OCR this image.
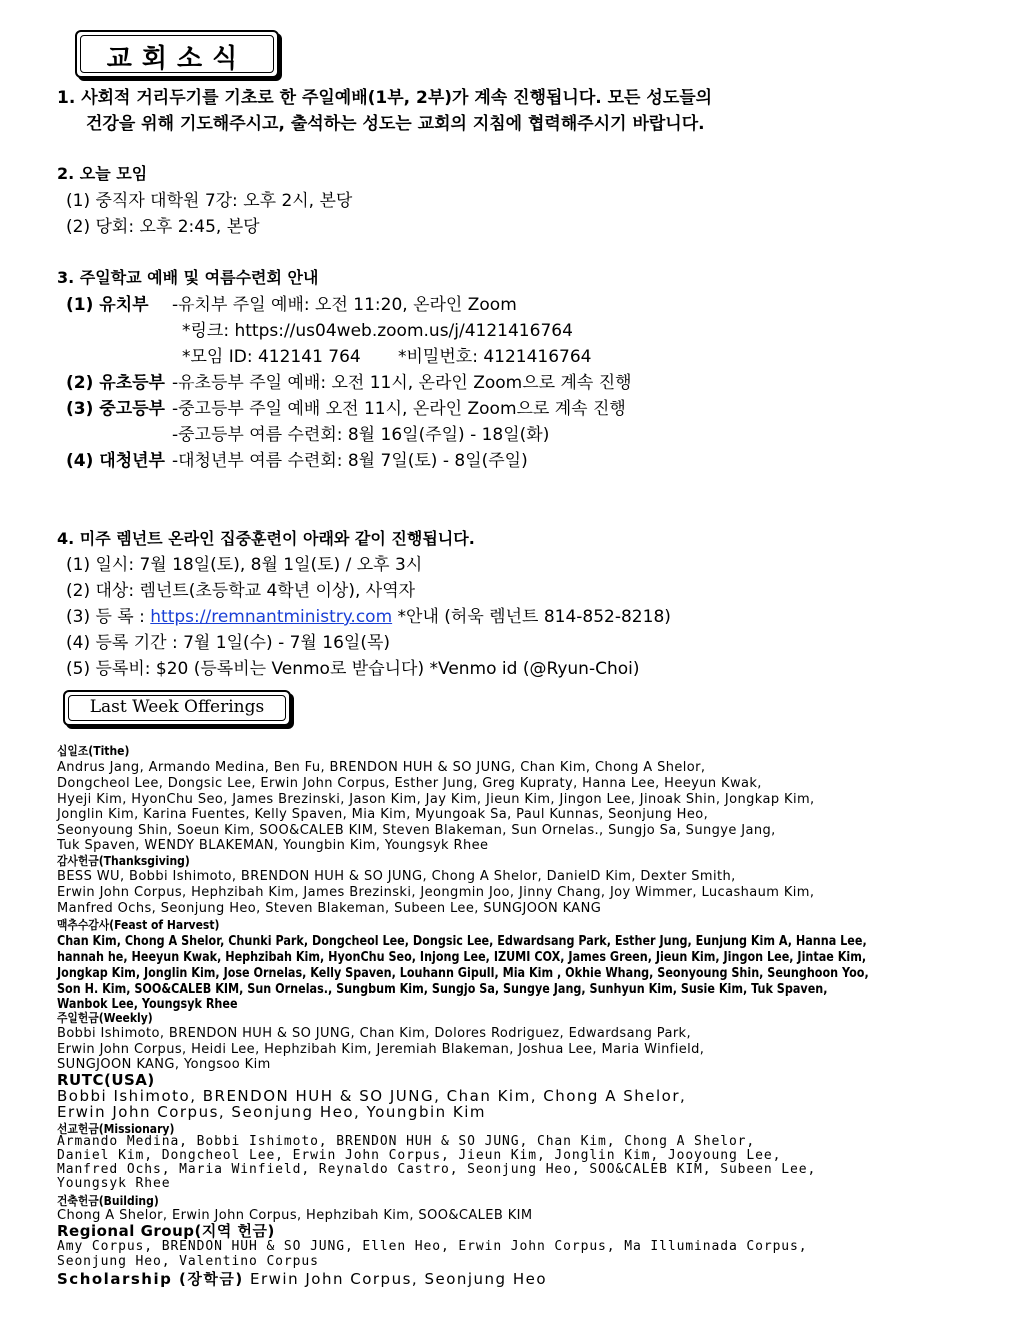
교회소식
1. 사회적 거리두기를 기초로 한 주일예배(1부, 2부)가 계속 진행됩니다. 모든 성도들의
건강을 위해 기도해주시고, 출석하는 성도는 교회의 지침에 협력해주시기 바랍니다.
2. 오늘 모임
(1) 중직자 대학원 7강: 오후 2시, 본당
(2) 당회: 오후 2:45, 본당
3. 주일학교 예배 및 여름수련회 안내
(1) 유치부 -유치부 주일 예배: 오전 11:20, 온라인 Zoom
*링크: https://us04web.zoom.us/j/4121416764
*모임 ID: 412141 764 *비밀번호: 4121416764
(2) 유초등부 -유초등부 주일 예배: 오전 11시, 온라인 Zoom으로 계속 진행
(3) 중고등부 -중고등부 주일 예배 오전 11시, 온라인 Zoom으로 계속 진행
-중고등부 여름 수련회: 8월 16일(주일) - 18일(화)
(4) 대청년부 -대청년부 여름 수련회: 8월 7일(토) - 8일(주일)
4. 미주 렘넌트 온라인 집중훈련이 아래와 같이 진행됩니다.
(1) 일시: 7월 18일(토), 8월 1일(토) / 오후 3시
(2) 대상: 렘넌트(초등학교 4학년 이상), 사역자
(3) 등 록 : https://remnantministry.com *안내 (허욱 렘넌트 814-852-8218)
(4) 등록 기간 : 7월 1일(수) - 7월 16일(목)
(5) 등록비: $20 (등록비는 Venmo로 받습니다) *Venmo id (@Ryun-Choi)
Last Week Offerings
십일조(Tithe)
Andrus Jang, Armando Medina, Ben Fu, BRENDON HUH & SO JUNG, Chan Kim, Chong A Shelor,
Dongcheol Lee, Dongsic Lee, Erwin John Corpus, Esther Jung, Greg Kupraty, Hanna Lee, Heeyun Kwak,
Hyeji Kim, HyonChu Seo, James Brezinski, Jason Kim, Jay Kim, Jieun Kim, Jingon Lee, Jinoak Shin, Jongkap Kim,
Jonglin Kim, Karina Fuentes, Kelly Spaven, Mia Kim, Myungoak Sa, Paul Kunnas, Seonjung Heo,
Seonyoung Shin, Soeun Kim, SOO&CALEB KIM, Steven Blakeman, Sun Ornelas., Sungjo Sa, Sungye Jang,
Tuk Spaven, WENDY BLAKEMAN, Youngbin Kim, Youngsyk Rhee
감사헌금(Thanksgiving)
BESS WU, Bobbi Ishimoto, BRENDON HUH & SO JUNG, Chong A Shelor, DanielD Kim, Dexter Smith,
Erwin John Corpus, Hephzibah Kim, James Brezinski, Jeongmin Joo, Jinny Chang, Joy Wimmer, Lucashaum Kim,
Manfred Ochs, Seonjung Heo, Steven Blakeman, Subeen Lee, SUNGJOON KANG
맥추수감사(Feast of Harvest)
Chan Kim, Chong A Shelor, Chunki Park, Dongcheol Lee, Dongsic Lee, Edwardsang Park, Esther Jung, Eunjung Kim A, Hanna Lee,
hannah he, Heeyun Kwak, Hephzibah Kim, HyonChu Seo, Injong Lee, IZUMI COX, James Green, Jieun Kim, Jingon Lee, Jintae Kim,
Jongkap Kim, Jonglin Kim, Jose Ornelas, Kelly Spaven, Louhann Gipull, Mia Kim , Okhie Whang, Seonyoung Shin, Seunghoon Yoo,
Son H. Kim, SOO&CALEB KIM, Sun Ornelas., Sungbum Kim, Sungjo Sa, Sungye Jang, Sunhyun Kim, Susie Kim, Tuk Spaven,
Wanbok Lee, Youngsyk Rhee
주일헌금(Weekly)
Bobbi Ishimoto, BRENDON HUH & SO JUNG, Chan Kim, Dolores Rodriguez, Edwardsang Park,
Erwin John Corpus, Heidi Lee, Hephzibah Kim, Jeremiah Blakeman, Joshua Lee, Maria Winfield,
SUNGJOON KANG, Yongsoo Kim
RUTC(USA)
Bobbi Ishimoto, BRENDON HUH & SO JUNG, Chan Kim, Chong A Shelor,
Erwin John Corpus, Seonjung Heo, Youngbin Kim
선교헌금(Missionary)
Armando Medina, Bobbi Ishimoto, BRENDON HUH & SO JUNG, Chan Kim, Chong A Shelor,
Daniel Kim, Dongcheol Lee, Erwin John Corpus, Jieun Kim, Jonglin Kim, Jooyoung Lee,
Manfred Ochs, Maria Winfield, Reynaldo Castro, Seonjung Heo, SOO&CALEB KIM, Subeen Lee,
Youngsyk Rhee
건축헌금(Building)
Chong A Shelor, Erwin John Corpus, Hephzibah Kim, SOO&CALEB KIM
Regional Group(지역 헌금)
Amy Corpus, BRENDON HUH & SO JUNG, Ellen Heo, Erwin John Corpus, Ma Illuminada Corpus,
Seonjung Heo, Valentino Corpus
Scholarship (장학금) Erwin John Corpus, Seonjung Heo
